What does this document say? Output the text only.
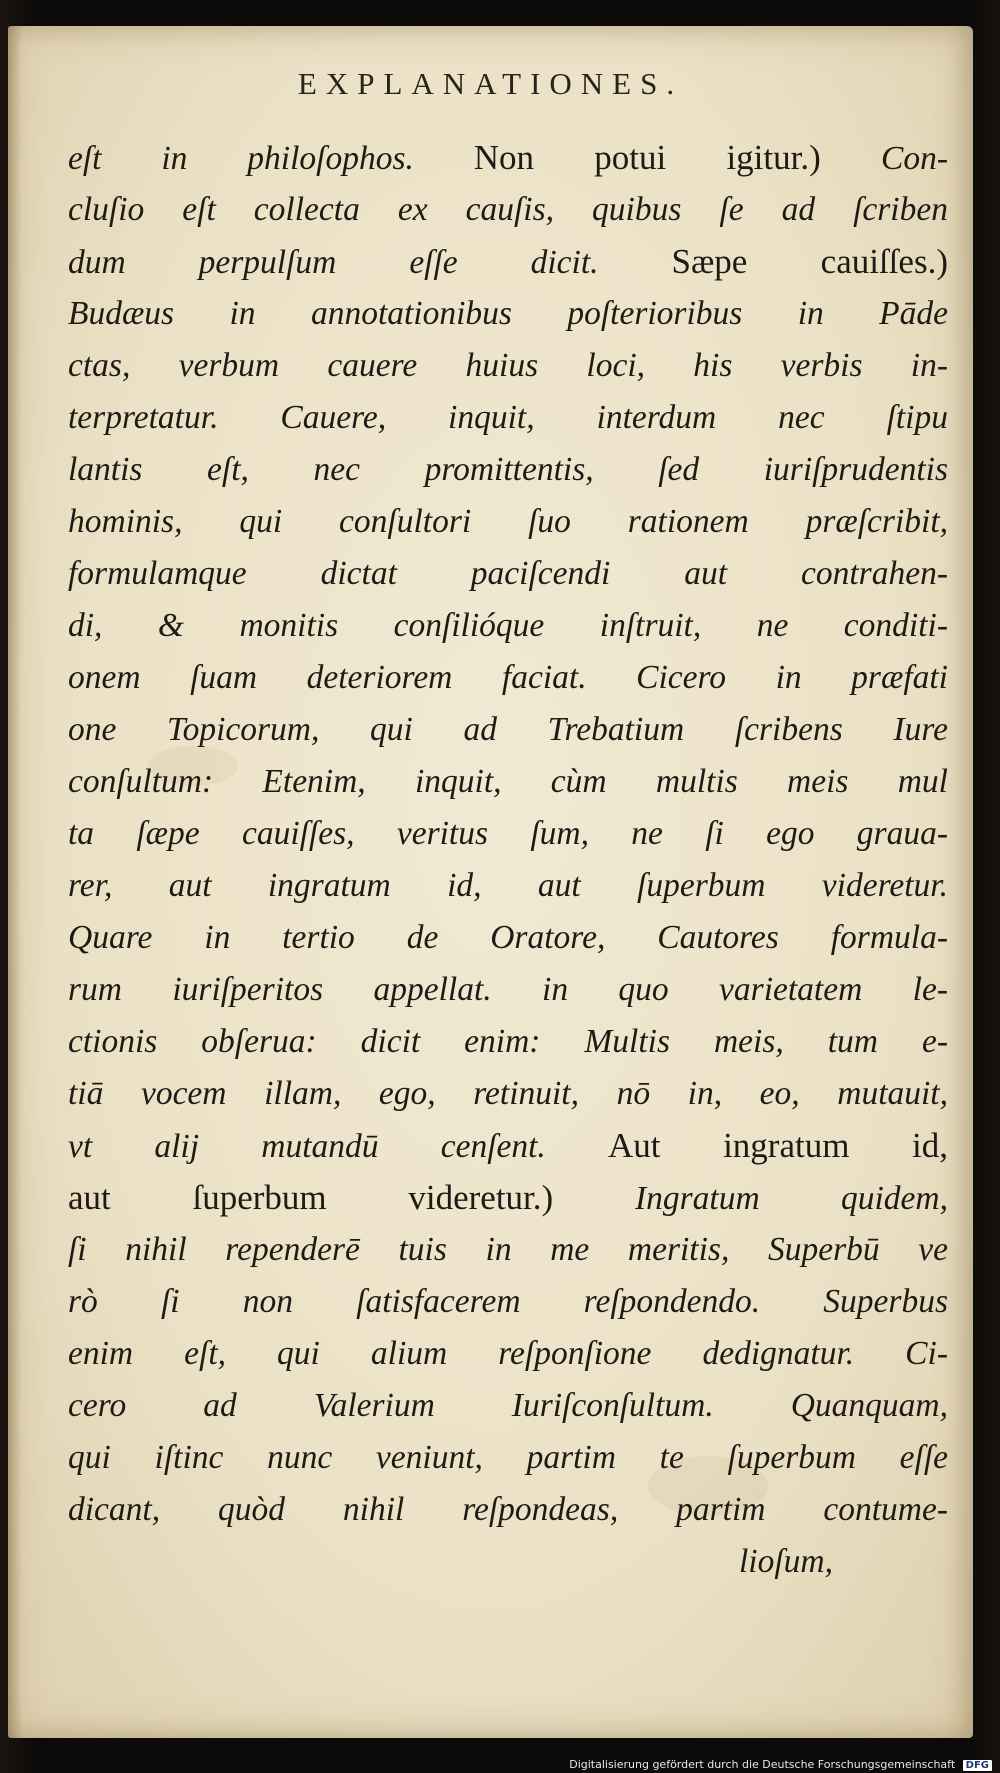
EXPLANATIONES.
eſt in philoſophos. Non potui igitur.) Con-
cluſio eſt collecta ex cauſis, quibus ſe ad ſcriben
dum perpulſum eſſe dicit. Sæpe cauiſſes.)
Budæus in annotationibus poſterioribus in Pāde
ctas, verbum cauere huius loci, his verbis in-
terpretatur. Cauere, inquit, interdum nec ſtipu
lantis eſt, nec promittentis, ſed iuriſprudentis
hominis, qui conſultori ſuo rationem præſcribit,
formulamque dictat paciſcendi aut contrahen-
di, & monitis conſilióque inſtruit, ne conditi-
onem ſuam deteriorem faciat. Cicero in præfati
one Topicorum, qui ad Trebatium ſcribens Iure
conſultum: Etenim, inquit, cùm multis meis mul
ta ſæpe cauiſſes, veritus ſum, ne ſi ego grauа-
rer, aut ingratum id, aut ſuperbum videretur.
Quare in tertio de Oratore, Cautores formula-
rum iuriſperitos appellat. in quo varietatem le-
ctionis obſerua: dicit enim: Multis meis, tum e-
tiā vocem illam, ego, retinuit, nō in, eo, mutauit,
vt alij mutandū cenſent. Aut ingratum id,
aut ſuperbum videretur.) Ingratum quidem,
ſi nihil rependerē tuis in me meritis, Superbū ve
rò ſi non ſatisfacerem reſpondendo. Superbus
enim eſt, qui alium reſponſione dedignatur. Ci-
cero ad Valerium Iuriſconſultum. Quanquam,
qui iſtinc nunc veniunt, partim te ſuperbum eſſe
dicant, quòd nihil reſpondeas, partim contume-
lioſum,
Digitalisierung gefördert durch die Deutsche Forschungsgemeinschaft DFG
